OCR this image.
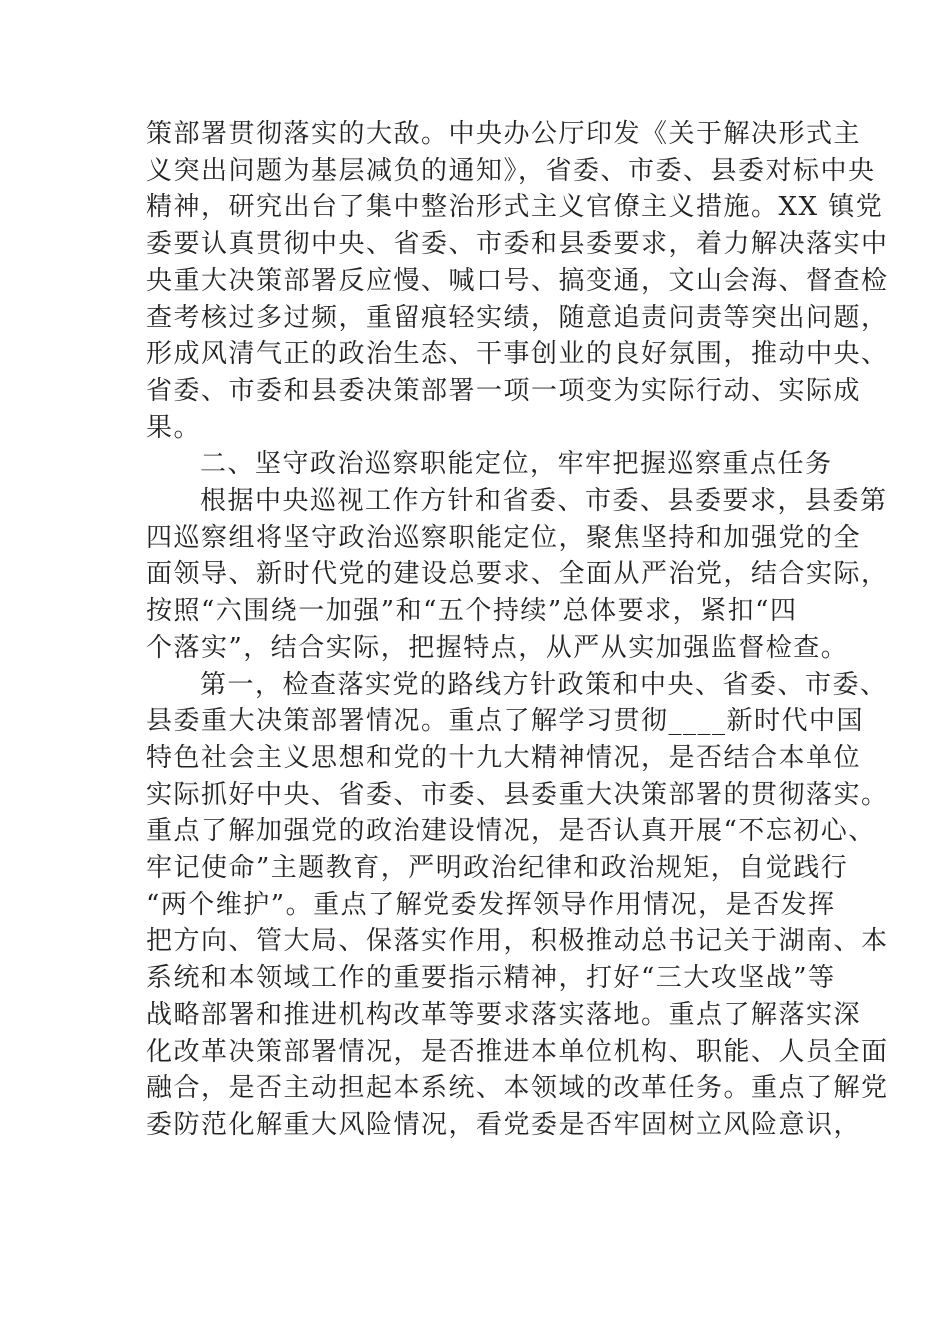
策部署贯彻落实的大敌。中央办公厅印发《关于解决形式主

义突出问题为基层减负的通知》，省委、市委、县委对标中央

精神，研究出台了集中整治形式主义官僚主义措施。XX 镇党

委要认真贯彻中央、省委、市委和县委要求，着力解决落实中

央重大决策部署反应慢、喊口号、搞变通，文山会海、督查检

查考核过多过频，重留痕轻实绩，随意追责问责等突出问题，

形成风清气正的政治生态、干事创业的良好氛围，推动中央、

省委、市委和县委决策部署一项一项变为实际行动、实际成

果。

二、坚守政治巡察职能定位，牢牢把握巡察重点任务

根据中央巡视工作方针和省委、市委、县委要求，县委第

四巡察组将坚守政治巡察职能定位，聚焦坚持和加强党的全

面领导、新时代党的建设总要求、全面从严治党，结合实际，

按照“六围绕一加强”和“五个持续”总体要求，紧扣“四

个落实”，结合实际，把握特点，从严从实加强监督检查。

第一，检查落实党的路线方针政策和中央、省委、市委、

县委重大决策部署情况。重点了解学习贯彻____新时代中国

特色社会主义思想和党的十九大精神情况，是否结合本单位

实际抓好中央、省委、市委、县委重大决策部署的贯彻落实。

重点了解加强党的政治建设情况，是否认真开展“不忘初心、

牢记使命”主题教育，严明政治纪律和政治规矩，自觉践行

“两个维护”。重点了解党委发挥领导作用情况，是否发挥

把方向、管大局、保落实作用，积极推动总书记关于湖南、本

系统和本领域工作的重要指示精神，打好“三大攻坚战”等

战略部署和推进机构改革等要求落实落地。重点了解落实深

化改革决策部署情况，是否推进本单位机构、职能、人员全面

融合，是否主动担起本系统、本领域的改革任务。重点了解党

委防范化解重大风险情况，看党委是否牢固树立风险意识，
